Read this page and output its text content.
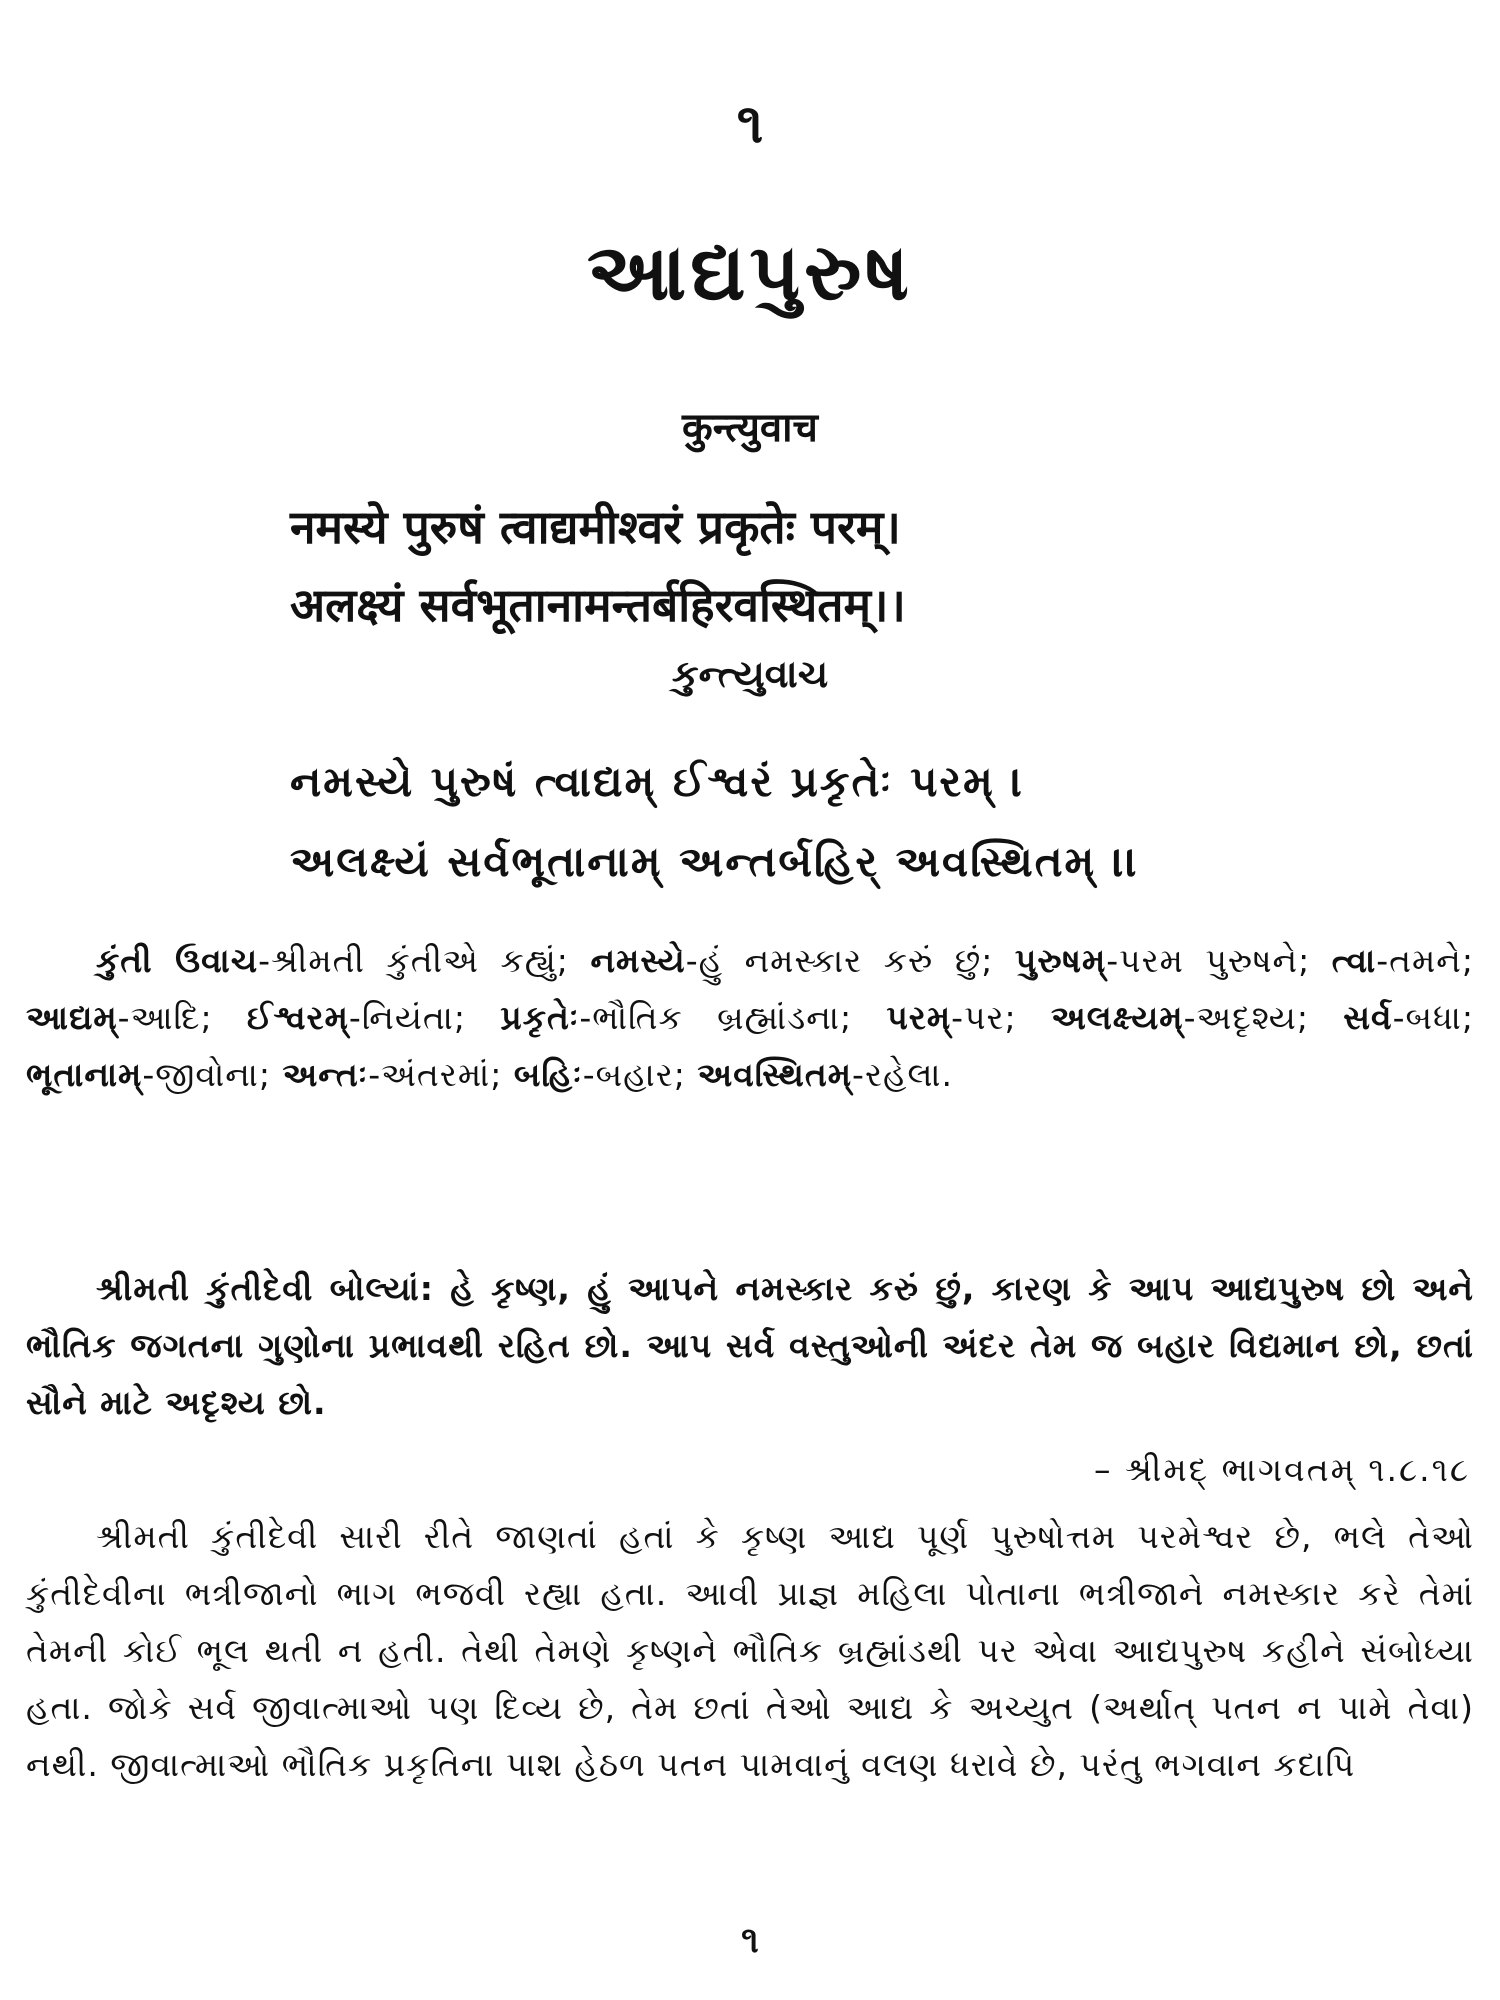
૧
આદ્યપુરુષ
कुन्त्युवाच
नमस्ये पुरुषं त्वाद्यमीश्वरं प्रकृतेः परम्।
अलक्ष्यं सर्वभूतानामन्तर्बहिरवस्थितम्।।
કુન્ત્યુવાચ
નમસ્યે પુરુષં ત્વાદ્યમ્ ઈશ્વરં પ્રકૃતેઃ પરમ્ ।
અલક્ષ્યં સર્વભૂતાનામ્ અન્તર્બહિર્ અવસ્થિતમ્ ।।

કુંતી ઉવાચ-શ્રીમતી કુંતીએ કહ્યું; નમસ્યે-હું નમસ્કાર કરું છું; પુરુષમ્-પરમ પુરુષને; ત્વા-તમને; આદ્યમ્-આદિ; ઈશ્વરમ્-નિયંતા; પ્રકૃતેઃ-ભૌતિક બ્રહ્માંડના; પરમ્-પર; અલક્ષ્યમ્-અદૃશ્ય; સર્વ-બધા; ભૂતાનામ્-જીવોના; અન્તઃ-અંતરમાં; બહિઃ-બહાર; અવસ્થિતમ્-રહેલા.

શ્રીમતી કુંતીદેવી બોલ્યાં: હે કૃષ્ણ, હું આપને નમસ્કાર કરું છું, કારણ કે આપ આદ્યપુરુષ છો અને ભૌતિક જગતના ગુણોના પ્રભાવથી રહિત છો. આપ સર્વ વસ્તુઓની અંદર તેમ જ બહાર વિદ્યમાન છો, છતાં સૌને માટે અદૃશ્ય છો.

– શ્રીમદ્ ભાગવતમ્ ૧.૮.૧૮

શ્રીમતી કુંતીદેવી સારી રીતે જાણતાં હતાં કે કૃષ્ણ આદ્ય પૂર્ણ પુરુષોત્તમ પરમેશ્વર છે, ભલે તેઓ કુંતીદેવીના ભત્રીજાનો ભાગ ભજવી રહ્યા હતા. આવી પ્રાજ્ઞ મહિલા પોતાના ભત્રીજાને નમસ્કાર કરે તેમાં તેમની કોઈ ભૂલ થતી ન હતી. તેથી તેમણે કૃષ્ણને ભૌતિક બ્રહ્માંડથી પર એવા આદ્યપુરુષ કહીને સંબોધ્યા હતા. જોકે સર્વ જીવાત્માઓ પણ દિવ્ય છે, તેમ છતાં તેઓ આદ્ય કે અચ્યુત (અર્થાત્ પતન ન પામે તેવા) નથી. જીવાત્માઓ ભૌતિક પ્રકૃતિના પાશ હેઠળ પતન પામવાનું વલણ ધરાવે છે, પરંતુ ભગવાન કદાપિ

૧
